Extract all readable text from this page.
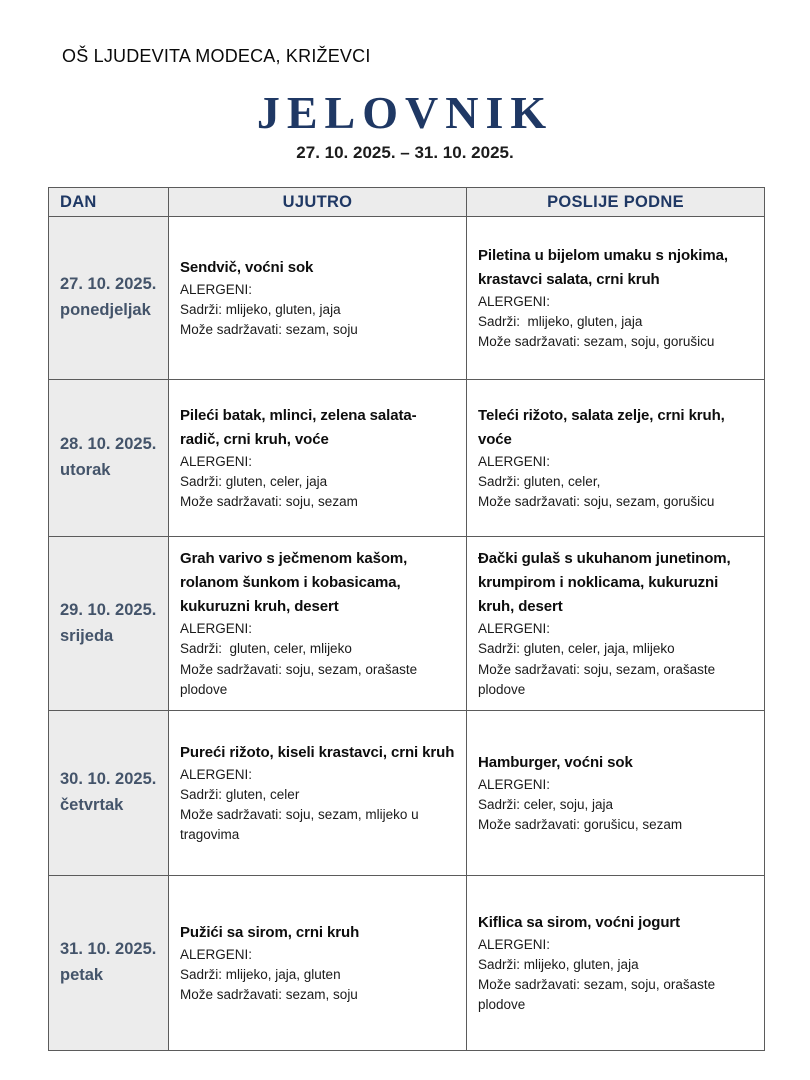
OŠ LJUDEVITA MODECA, KRIŽEVCI
JELOVNIK
27. 10. 2025. – 31. 10. 2025.
DAN	UJUTRO	POSLIJE PODNE

27. 10. 2025.
ponedjeljak

Sendvič, voćni sok
ALERGENI:
Sadrži: mlijeko, gluten, jaja
Može sadržavati: sezam, soju

Piletina u bijelom umaku s njokima, krastavci salata, crni kruh
ALERGENI:
Sadrži:  mlijeko, gluten, jaja
Može sadržavati: sezam, soju, gorušicu

28. 10. 2025.
utorak

Pileći batak, mlinci, zelena salata-radič, crni kruh, voće
ALERGENI:
Sadrži: gluten, celer, jaja
Može sadržavati: soju, sezam

Teleći rižoto, salata zelje, crni kruh, voće
ALERGENI:
Sadrži: gluten, celer,
Može sadržavati: soju, sezam, gorušicu

29. 10. 2025.
srijeda

Grah varivo s ječmenom kašom, rolanom šunkom i kobasicama, kukuruzni kruh, desert
ALERGENI:
Sadrži:  gluten, celer, mlijeko
Može sadržavati: soju, sezam, orašaste plodove

Đački gulaš s ukuhanom junetinom, krumpirom i noklicama, kukuruzni kruh, desert
ALERGENI:
Sadrži: gluten, celer, jaja, mlijeko
Može sadržavati: soju, sezam, orašaste plodove

30. 10. 2025.
četvrtak

Pureći rižoto, kiseli krastavci, crni kruh
ALERGENI:
Sadrži: gluten, celer
Može sadržavati: soju, sezam, mlijeko u tragovima

Hamburger, voćni sok
ALERGENI:
Sadrži: celer, soju, jaja
Može sadržavati: gorušicu, sezam

31. 10. 2025.
petak

Pužići sa sirom, crni kruh
ALERGENI:
Sadrži: mlijeko, jaja, gluten
Može sadržavati: sezam, soju

Kiflica sa sirom, voćni jogurt
ALERGENI:
Sadrži: mlijeko, gluten, jaja
Može sadržavati: sezam, soju, orašaste plodove
